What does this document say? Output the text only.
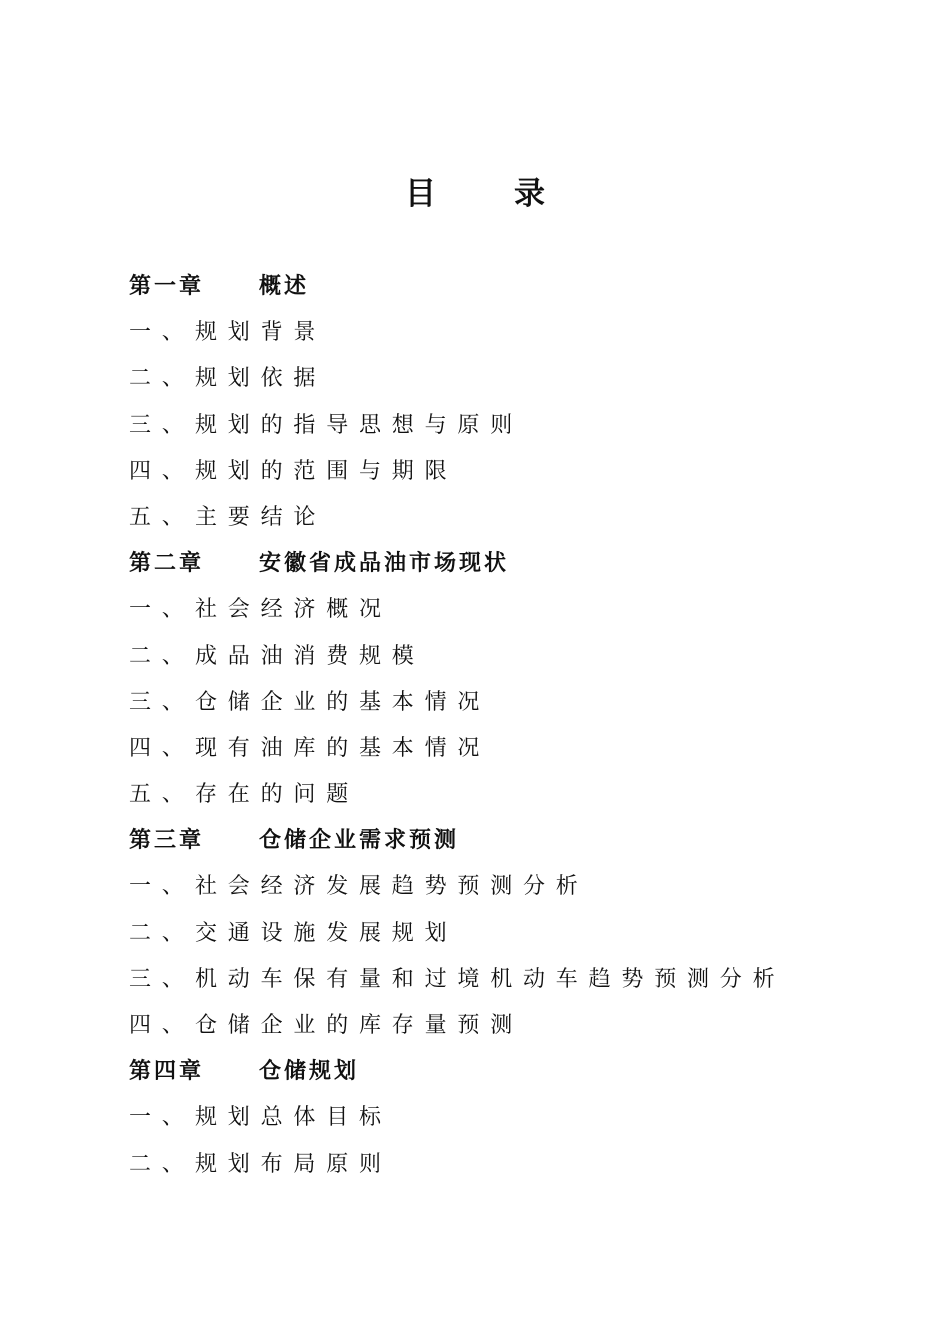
目	录
第一章 概述
一、规划背景
二、规划依据
三、规划的指导思想与原则
四、规划的范围与期限
五、主要结论
第二章 安徽省成品油市场现状
一、社会经济概况
二、成品油消费规模
三、仓储企业的基本情况
四、现有油库的基本情况
五、存在的问题
第三章 仓储企业需求预测
一、社会经济发展趋势预测分析
二、交通设施发展规划
三、机动车保有量和过境机动车趋势预测分析
四、仓储企业的库存量预测
第四章 仓储规划
一、规划总体目标
二、规划布局原则
